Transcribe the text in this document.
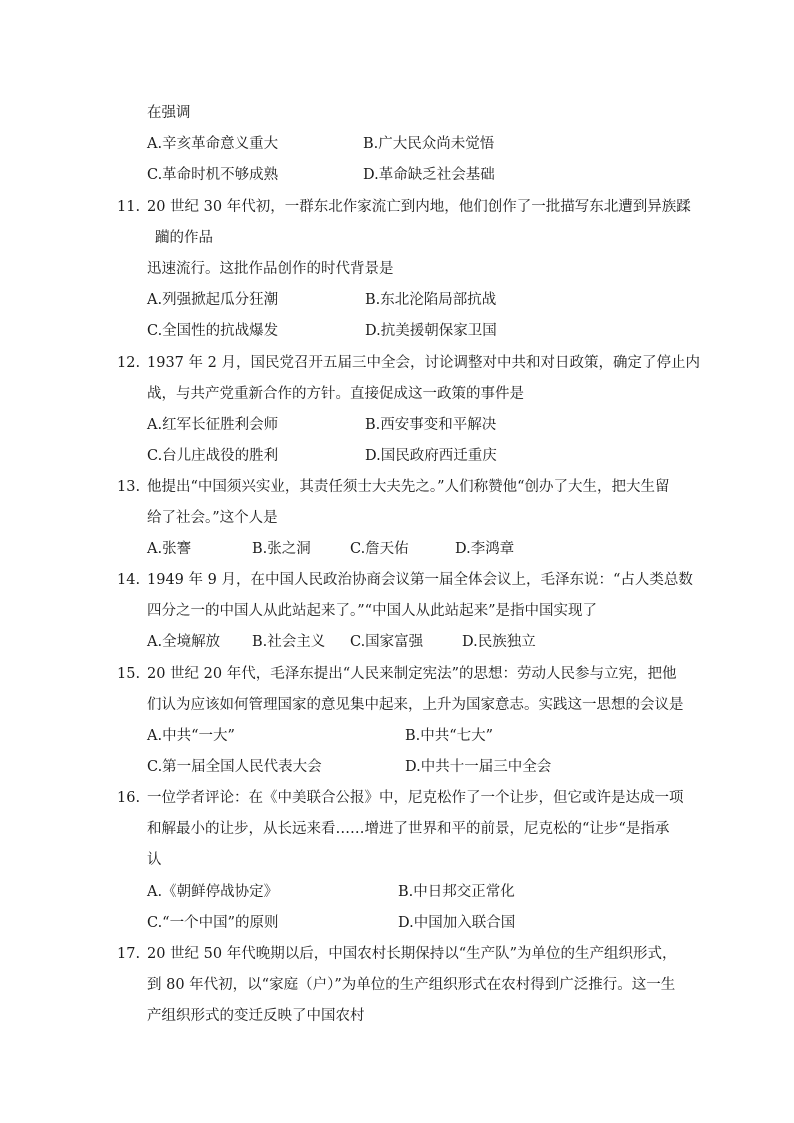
在强调
A.辛亥革命意义重大	B.广大民众尚未觉悟
C.革命时机不够成熟	D.革命缺乏社会基础
11. 20 世纪 30 年代初，一群东北作家流亡到内地，他们创作了一批描写东北遭到异族蹂
躏的作品
迅速流行。这批作品创作的时代背景是
A.列强掀起瓜分狂潮	B.东北沦陷局部抗战
C.全国性的抗战爆发	D.抗美援朝保家卫国
12. 1937 年 2 月，国民党召开五届三中全会，讨论调整对中共和对日政策，确定了停止内
战，与共产党重新合作的方针。直接促成这一政策的事件是
A.红军长征胜利会师	B.西安事变和平解决
C.台儿庄战役的胜利	D.国民政府西迁重庆
13. 他提出“中国须兴实业，其责任须士大夫先之。”人们称赞他“创办了大生，把大生留
给了社会。”这个人是
A.张謇	B.张之洞	C.詹天佑	D.李鸿章
14. 1949 年 9 月，在中国人民政治协商会议第一届全体会议上，毛泽东说：“占人类总数
四分之一的中国人从此站起来了。”“中国人从此站起来”是指中国实现了
A.全境解放 B.社会主义 C.国家富强	D.民族独立
15. 20 世纪 20 年代，毛泽东提出“人民来制定宪法”的思想：劳动人民参与立宪，把他
们认为应该如何管理国家的意见集中起来，上升为国家意志。实践这一思想的会议是
A.中共“一大”	B.中共“七大”
C.第一届全国人民代表大会	D.中共十一届三中全会
16. 一位学者评论：在《中美联合公报》中，尼克松作了一个让步，但它或许是达成一项
和解最小的让步，从长远来看……增进了世界和平的前景，尼克松的“让步“是指承
认
A.《朝鲜停战协定》	B.中日邦交正常化
C.“一个中国”的原则	D.中国加入联合国
17. 20 世纪 50 年代晚期以后，中国农村长期保持以“生产队”为单位的生产组织形式，
到 80 年代初，以“家庭（户）”为单位的生产组织形式在农村得到广泛推行。这一生
产组织形式的变迁反映了中国农村
